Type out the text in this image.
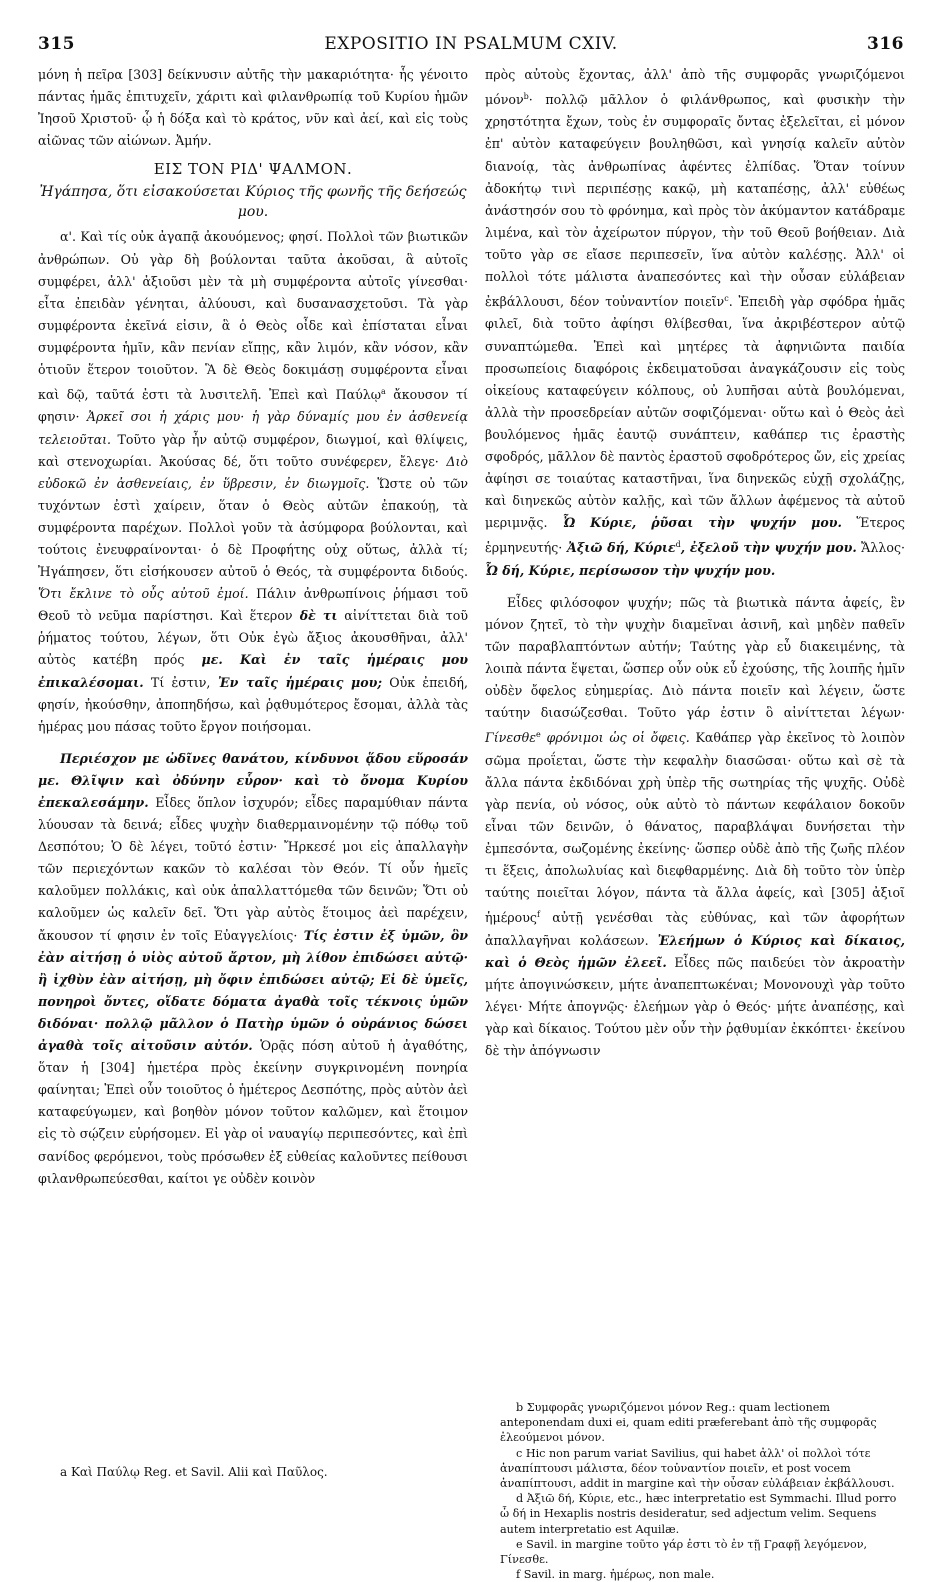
315	EXPOSITIO IN PSALMUM CXIV.	316

μόνη ἡ πεῖρα [303] δείκνυσιν αὐτῆς τὴν μακαριότητα· ἧς γένοιτο πάντας ἡμᾶς ἐπιτυχεῖν, χάριτι καὶ φιλανθρωπίᾳ τοῦ Κυρίου ἡμῶν Ἰησοῦ Χριστοῦ· ᾧ ἡ δόξα καὶ τὸ κράτος, νῦν καὶ ἀεί, καὶ εἰς τοὺς αἰῶνας τῶν αἰώνων. Ἀμήν.

ΕΙΣ ΤΟΝ ΡΙΔ' ΨΑΛΜΟΝ.
Ἠγάπησα, ὅτι εἰσακούσεται Κύριος τῆς φωνῆς τῆς δεήσεώς μου.

α'. Καὶ τίς οὐκ ἀγαπᾷ ἀκουόμενος; φησί. Πολλοὶ τῶν βιωτικῶν ἀνθρώπων. Οὐ γὰρ δὴ βούλονται ταῦτα ἀκοῦσαι, ἃ αὐτοῖς συμφέρει, ἀλλ' ἀξιοῦσι μὲν τὰ μὴ συμφέροντα αὐτοῖς γίνεσθαι· εἶτα ἐπειδὰν γένηται, ἀλύουσι, καὶ δυσανασχετοῦσι. Τὰ γὰρ συμφέροντα ἐκεῖνά εἰσιν, ἃ ὁ Θεὸς οἶδε καὶ ἐπίσταται εἶναι συμφέροντα ἡμῖν, κἂν πενίαν εἴπῃς, κἂν λιμόν, κἂν νόσον, κἂν ὁτιοῦν ἕτερον τοιοῦτον. Ἃ δὲ Θεὸς δοκιμάσῃ συμφέροντα εἶναι καὶ δῷ, ταῦτά ἐστι τὰ λυσιτελῆ. Ἐπεὶ καὶ Παύλῳ$^a$ ἄκουσον τί φησιν· Ἀρκεῖ σοι ἡ χάρις μου· ἡ γὰρ δύναμίς μου ἐν ἀσθενείᾳ τελειοῦται. Τοῦτο γὰρ ἦν αὐτῷ συμφέρον, διωγμοί, καὶ θλίψεις, καὶ στενοχωρίαι. Ἀκούσας δέ, ὅτι τοῦτο συνέφερεν, ἔλεγε· Διὸ εὐδοκῶ ἐν ἀσθενείαις, ἐν ὕβρεσιν, ἐν διωγμοῖς. Ὥστε οὐ τῶν τυχόντων ἐστὶ χαίρειν, ὅταν ὁ Θεὸς αὐτῶν ἐπακούῃ, τὰ συμφέροντα παρέχων. Πολλοὶ γοῦν τὰ ἀσύμφορα βούλονται, καὶ τούτοις ἐνευφραίνονται· ὁ δὲ Προφήτης οὐχ οὕτως, ἀλλὰ τί; Ἠγάπησεν, ὅτι εἰσήκουσεν αὐτοῦ ὁ Θεός, τὰ συμφέροντα διδούς. Ὅτι ἔκλινε τὸ οὖς αὐτοῦ ἐμοί. Πάλιν ἀνθρωπίνοις ῥήμασι τοῦ Θεοῦ τὸ νεῦμα παρίστησι. Καὶ ἕτερον δὲ τι αἰνίττεται διὰ τοῦ ῥήματος τούτου, λέγων, ὅτι Οὐκ ἐγὼ ἄξιος ἀκουσθῆναι, ἀλλ' αὐτὸς κατέβη πρός με. Καὶ ἐν ταῖς ἡμέραις μου ἐπικαλέσομαι. Τί ἐστιν, Ἐν ταῖς ἡμέραις μου; Οὐκ ἐπειδή, φησίν, ἠκούσθην, ἀποπηδήσω, καὶ ῥᾳθυμότερος ἔσομαι, ἀλλὰ τὰς ἡμέρας μου πάσας τοῦτο ἔργον ποιήσομαι.

Περιέσχον με ὠδῖνες θανάτου, κίνδυνοι ᾅδου εὕροσάν με. Θλῖψιν καὶ ὀδύνην εὗρον· καὶ τὸ ὄνομα Κυρίου ἐπεκαλεσάμην. Εἶδες ὅπλον ἰσχυρόν; εἶδες παραμύθιαν πάντα λύουσαν τὰ δεινά; εἶδες ψυχὴν διαθερμαινομένην τῷ πόθῳ τοῦ Δεσπότου; Ὁ δὲ λέγει, τοῦτό ἐστιν· Ἤρκεσέ μοι εἰς ἀπαλλαγὴν τῶν περιεχόντων κακῶν τὸ καλέσαι τὸν Θεόν. Τί οὖν ἡμεῖς καλοῦμεν πολλάκις, καὶ οὐκ ἀπαλλαττόμεθα τῶν δεινῶν; Ὅτι οὐ καλοῦμεν ὡς καλεῖν δεῖ. Ὅτι γὰρ αὐτὸς ἕτοιμος ἀεὶ παρέχειν, ἄκουσον τί φησιν ἐν τοῖς Εὐαγγελίοις· Τίς ἐστιν ἐξ ὑμῶν, ὃν ἐὰν αἰτήσῃ ὁ υἱὸς αὐτοῦ ἄρτον, μὴ λίθον ἐπιδώσει αὐτῷ· ἢ ἰχθὺν ἐὰν αἰτήσῃ, μὴ ὄφιν ἐπιδώσει αὐτῷ; Εἰ δὲ ὑμεῖς, πονηροὶ ὄντες, οἴδατε δόματα ἀγαθὰ τοῖς τέκνοις ὑμῶν διδόναι· πολλῷ μᾶλλον ὁ Πατὴρ ὑμῶν ὁ οὐράνιος δώσει ἀγαθὰ τοῖς αἰτοῦσιν αὐτόν. Ὁρᾷς πόση αὐτοῦ ἡ ἀγαθότης, ὅταν ἡ [304] ἡμετέρα πρὸς ἐκείνην συγκρινομένη πονηρία φαίνηται; Ἐπεὶ οὖν τοιοῦτος ὁ ἡμέτερος Δεσπότης, πρὸς αὐτὸν ἀεὶ καταφεύγωμεν, καὶ βοηθὸν μόνον τοῦτον καλῶμεν, καὶ ἕτοιμον εἰς τὸ σῴζειν εὑρήσομεν. Εἰ γὰρ οἱ ναυαγίῳ περιπεσόντες, καὶ ἐπὶ σανίδος φερόμενοι, τοὺς πρόσωθεν ἐξ εὐθείας καλοῦντες πείθουσι φιλανθρωπεύεσθαι, καίτοι γε οὐδὲν κοινὸν

πρὸς αὐτοὺς ἔχοντας, ἀλλ' ἀπὸ τῆς συμφορᾶς γνωριζόμενοι μόνον$^b$· πολλῷ μᾶλλον ὁ φιλάνθρωπος, καὶ φυσικὴν τὴν χρηστότητα ἔχων, τοὺς ἐν συμφοραῖς ὄντας ἐξελεῖται, εἰ μόνον ἐπ' αὐτὸν καταφεύγειν βουληθῶσι, καὶ γνησίᾳ καλεῖν αὐτὸν διανοίᾳ, τὰς ἀνθρωπίνας ἀφέντες ἐλπίδας. Ὅταν τοίνυν ἀδοκήτῳ τινὶ περιπέσῃς κακῷ, μὴ καταπέσῃς, ἀλλ' εὐθέως ἀνάστησόν σου τὸ φρόνημα, καὶ πρὸς τὸν ἀκύμαντον κατάδραμε λιμένα, καὶ τὸν ἀχείρωτον πύργον, τὴν τοῦ Θεοῦ βοήθειαν. Διὰ τοῦτο γὰρ σε εἴασε περιπεσεῖν, ἵνα αὐτὸν καλέσῃς. Ἀλλ' οἱ πολλοὶ τότε μάλιστα ἀναπεσόντες καὶ τὴν οὖσαν εὐλάβειαν ἐκβάλλουσι, δέον τοὐναντίον ποιεῖν$^c$. Ἐπειδὴ γὰρ σφόδρα ἡμᾶς φιλεῖ, διὰ τοῦτο ἀφίησι θλίβεσθαι, ἵνα ἀκριβέστερον αὐτῷ συναπτώμεθα. Ἐπεὶ καὶ μητέρες τὰ ἀφηνιῶντα παιδία προσωπείοις διαφόροις ἐκδειματοῦσαι ἀναγκάζουσιν εἰς τοὺς οἰκείους καταφεύγειν κόλπους, οὐ λυπῆσαι αὐτὰ βουλόμεναι, ἀλλὰ τὴν προσεδρείαν αὐτῶν σοφιζόμεναι· οὕτω καὶ ὁ Θεὸς ἀεὶ βουλόμενος ἡμᾶς ἑαυτῷ συνάπτειν, καθάπερ τις ἐραστὴς σφοδρός, μᾶλλον δὲ παντὸς ἐραστοῦ σφοδρότερος ὤν, εἰς χρείας ἀφίησι σε τοιαύτας καταστῆναι, ἵνα διηνεκῶς εὐχῇ σχολάζῃς, καὶ διηνεκῶς αὐτὸν καλῇς, καὶ τῶν ἄλλων ἀφέμενος τὰ αὐτοῦ μεριμνᾷς. Ὦ Κύριε, ῥῦσαι τὴν ψυχήν μου. Ἕτερος ἑρμηνευτής· Ἀξιῶ δή, Κύριε$^d$, ἐξελοῦ τὴν ψυχήν μου. Ἄλλος· Ὦ δή, Κύριε, περίσωσον τὴν ψυχήν μου.

Εἶδες φιλόσοφον ψυχήν; πῶς τὰ βιωτικὰ πάντα ἀφείς, ἓν μόνον ζητεῖ, τὸ τὴν ψυχὴν διαμεῖναι ἀσινῆ, καὶ μηδὲν παθεῖν τῶν παραβλαπτόντων αὐτήν; Ταύτης γὰρ εὖ διακειμένης, τὰ λοιπὰ πάντα ἕψεται, ὥσπερ οὖν οὐκ εὖ ἐχούσης, τῆς λοιπῆς ἡμῖν οὐδὲν ὄφελος εὐημερίας. Διὸ πάντα ποιεῖν καὶ λέγειν, ὥστε ταύτην διασώζεσθαι. Τοῦτο γάρ ἐστιν ὃ αἰνίττεται λέγων· Γίνεσθε$^e$ φρόνιμοι ὡς οἱ ὄφεις. Καθάπερ γὰρ ἐκεῖνος τὸ λοιπὸν σῶμα προΐεται, ὥστε τὴν κεφαλὴν διασῶσαι· οὕτω καὶ σὲ τὰ ἄλλα πάντα ἐκδιδόναι χρὴ ὑπὲρ τῆς σωτηρίας τῆς ψυχῆς. Οὐδὲ γὰρ πενία, οὐ νόσος, οὐκ αὐτὸ τὸ πάντων κεφάλαιον δοκοῦν εἶναι τῶν δεινῶν, ὁ θάνατος, παραβλάψαι δυνήσεται τὴν ἐμπεσόντα, σωζομένης ἐκείνης· ὥσπερ οὐδὲ ἀπὸ τῆς ζωῆς πλέον τι ἕξεις, ἀπολωλυίας καὶ διεφθαρμένης. Διὰ δὴ τοῦτο τὸν ὑπὲρ ταύτης ποιεῖται λόγον, πάντα τὰ ἄλλα ἀφείς, καὶ [305] ἀξιοῖ ἡμέρους$^f$ αὐτῇ γενέσθαι τὰς εὐθύνας, καὶ τῶν ἀφορήτων ἀπαλλαγῆναι κολάσεων. Ἐλεήμων ὁ Κύριος καὶ δίκαιος, καὶ ὁ Θεὸς ἡμῶν ἐλεεῖ. Εἶδες πῶς παιδεύει τὸν ἀκροατὴν μήτε ἀπογινώσκειν, μήτε ἀναπεπτωκέναι; Μονονουχὶ γὰρ τοῦτο λέγει· Μήτε ἀπογνῷς· ἐλεήμων γὰρ ὁ Θεός· μήτε ἀναπέσῃς, καὶ γὰρ καὶ δίκαιος. Τούτου μὲν οὖν τὴν ῥᾳθυμίαν ἐκκόπτει· ἐκείνου δὲ τὴν ἀπόγνωσιν

a Καὶ Παύλῳ Reg. et Savil. Alii καὶ Παῦλος.

b Συμφορᾶς γνωριζόμενοι μόνον Reg.: quam lectionem anteponendam duxi ei, quam editi præferebant ἀπὸ τῆς συμφορᾶς ἐλεούμενοι μόνον.

c Hic non parum variat Savilius, qui habet ἀλλ' οἱ πολλοὶ τότε ἀναπίπτουσι μάλιστα, δέον τοὐναντίον ποιεῖν, et post vocem ἀναπίπτουσι, addit in margine καὶ τὴν οὖσαν εὐλάβειαν ἐκβάλλουσι.

d Ἀξιῶ δή, Κύριε, etc., hæc interpretatio est Symmachi. Illud porro ὦ δή in Hexaplis nostris desideratur, sed adjectum velim. Sequens autem interpretatio est Aquilæ.

e Savil. in margine τοῦτο γάρ ἐστι τὸ ἐν τῇ Γραφῇ λεγόμενον, Γίνεσθε.

f Savil. in marg. ἡμέρως, non male.
